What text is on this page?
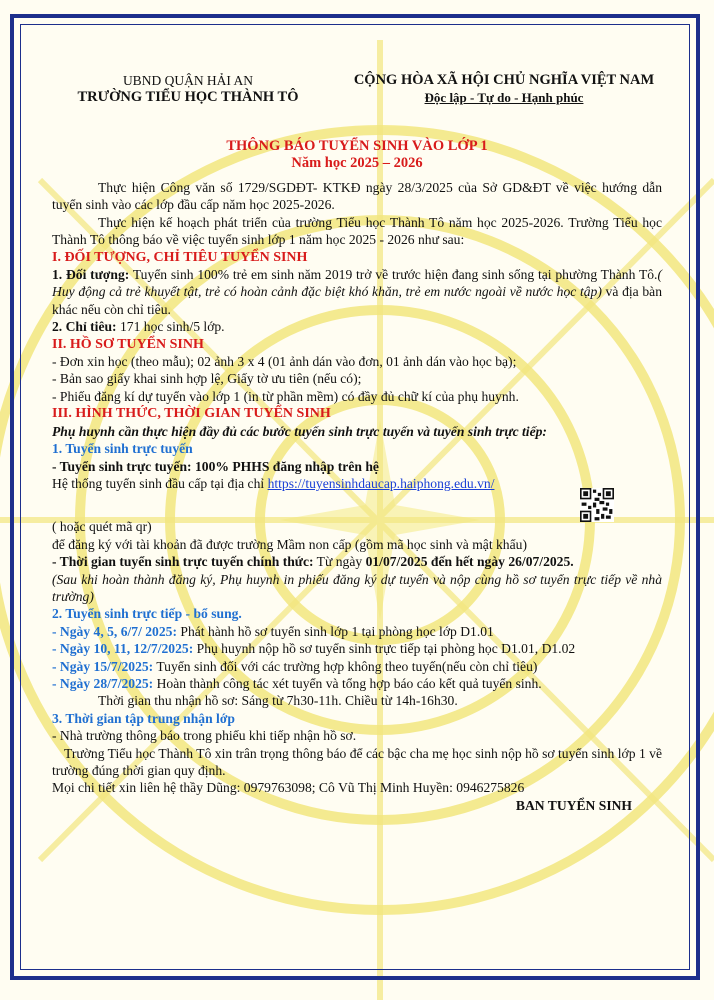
UBND QUẬN HẢI AN
TRƯỜNG TIỂU HỌC THÀNH TÔ
CỘNG HÒA XÃ HỘI CHỦ NGHĨA VIỆT NAM
Độc lập - Tự do - Hạnh phúc
THÔNG BÁO TUYỂN SINH VÀO LỚP 1
Năm học 2025 – 2026

Thực hiện Công văn số 1729/SGDĐT- KTKĐ ngày 28/3/2025 của Sở GD&ĐT về việc hướng dẫn tuyển sinh vào các lớp đầu cấp năm học 2025-2026.

Thực hiện kế hoạch phát triển của trường Tiểu học Thành Tô năm học 2025-2026. Trường Tiểu học Thành Tô thông báo về việc tuyển sinh lớp 1 năm học 2025 - 2026 như sau:

I. ĐỐI TƯỢNG, CHỈ TIÊU TUYỂN SINH

1. Đối tượng: Tuyển sinh 100% trẻ em sinh năm 2019 trở về trước hiện đang sinh sống tại phường Thành Tô.( Huy động cả trẻ khuyết tật, trẻ có hoàn cảnh đặc biệt khó khăn, trẻ em nước ngoài về nước học tập) và địa bàn khác nếu còn chỉ tiêu.

2. Chỉ tiêu: 171 học sinh/5 lớp.

II. HỒ SƠ TUYỂN SINH

- Đơn xin học (theo mẫu); 02 ảnh 3 x 4 (01 ảnh dán vào đơn, 01 ảnh dán vào học bạ);

- Bản sao giấy khai sinh hợp lệ, Giấy tờ ưu tiên (nếu có);

- Phiếu đăng kí dự tuyển vào lớp 1 (in từ phần mềm) có đầy đủ chữ kí của phụ huynh.

III. HÌNH THỨC, THỜI GIAN TUYỂN SINH

Phụ huynh cần thực hiện đầy đủ các bước tuyển sinh trực tuyến và tuyển sinh trực tiếp:

1. Tuyển sinh trực tuyến

- Tuyển sinh trực tuyến: 100% PHHS đăng nhập trên hệ

Hệ thống tuyển sinh đầu cấp tại địa chỉ https://tuyensinhdaucap.haiphong.edu.vn/

( hoặc quét mã qr)

để đăng ký với tài khoản đã được trường Mầm non cấp (gồm mã học sinh và mật khẩu)

- Thời gian tuyển sinh trực tuyến chính thức: Từ ngày 01/07/2025 đến hết ngày 26/07/2025.

(Sau khi hoàn thành đăng ký, Phụ huynh in phiếu đăng ký dự tuyển và nộp cùng hồ sơ tuyển trực tiếp về nhà trường)

2. Tuyển sinh trực tiếp - bổ sung.

- Ngày 4, 5, 6/7/ 2025: Phát hành hồ sơ tuyển sinh lớp 1 tại phòng học lớp D1.01

- Ngày 10, 11, 12/7/2025: Phụ huynh nộp hồ sơ tuyển sinh trực tiếp tại phòng học D1.01, D1.02

- Ngày 15/7/2025: Tuyển sinh đối với các trường hợp không theo tuyến(nếu còn chỉ tiêu)

- Ngày 28/7/2025: Hoàn thành công tác xét tuyển và tổng hợp báo cáo kết quả tuyển sinh.

Thời gian thu nhận hồ sơ: Sáng từ 7h30-11h. Chiều từ 14h-16h30.

3. Thời gian tập trung nhận lớp

- Nhà trường thông báo trong phiếu khi tiếp nhận hồ sơ.

Trường Tiểu học Thành Tô xin trân trọng thông báo để các bậc cha mẹ học sinh nộp hồ sơ tuyển sinh lớp 1 về trường đúng thời gian quy định.

Mọi chi tiết xin liên hệ thầy Dũng: 0979763098; Cô Vũ Thị Minh Huyền: 0946275826

BAN TUYỂN SINH
